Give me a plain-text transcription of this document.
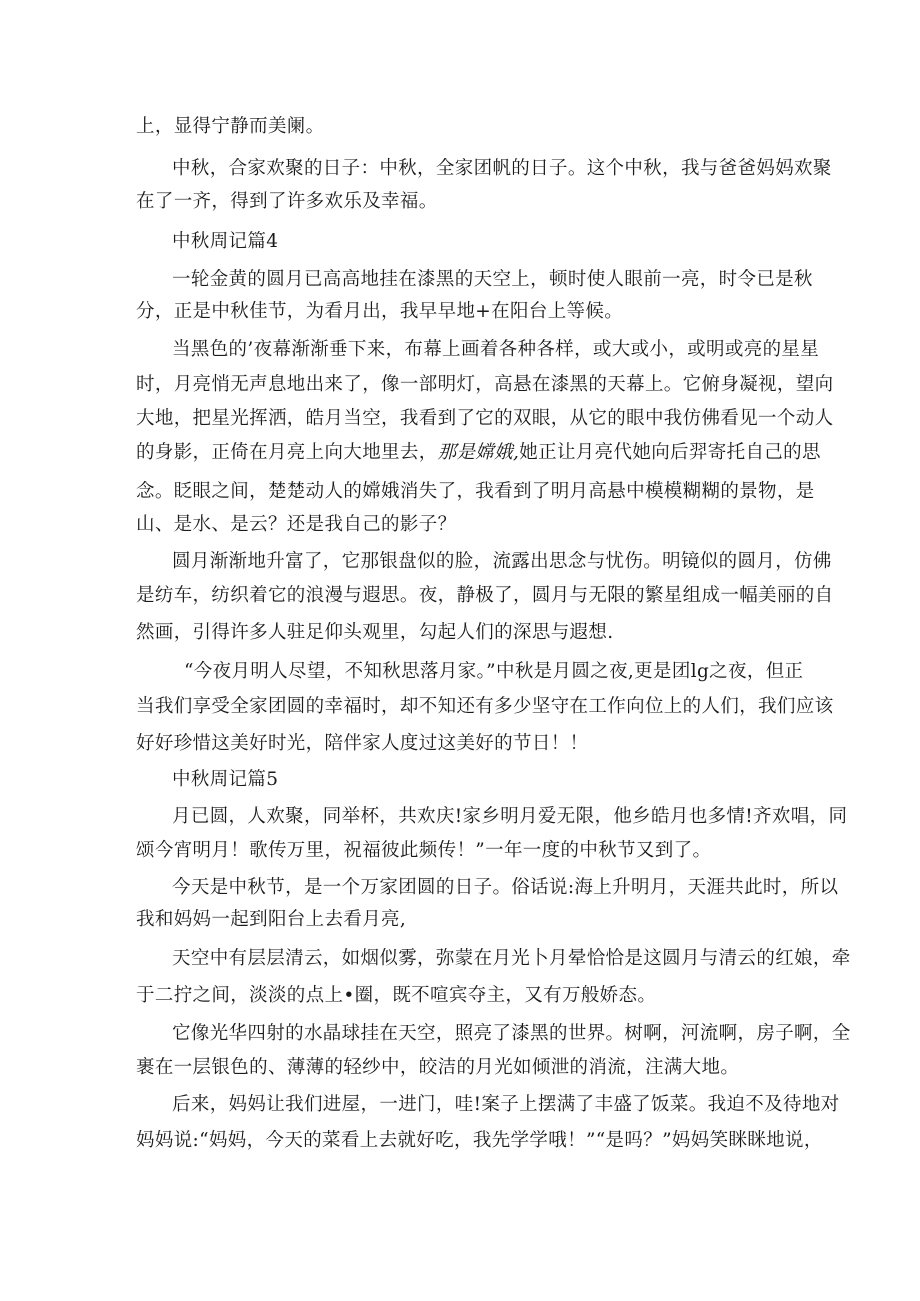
上，显得宁静而美阑。
中秋，合家欢聚的日子：中秋，全家团帆的日子。这个中秋，我与爸爸妈妈欢聚
在了一齐，得到了许多欢乐及幸福。
中秋周记篇4
一轮金黄的圆月已高高地挂在漆黑的天空上，顿时使人眼前一亮，时令已是秋
分，正是中秋佳节，为看月出，我早早地+在阳台上等候。
当黑色的’夜幕渐渐垂下来，布幕上画着各种各样，或大或小，或明或亮的星星
时，月亮悄无声息地出来了，像一部明灯，高悬在漆黑的天幕上。它俯身凝视，望向
大地，把星光挥洒，皓月当空，我看到了它的双眼，从它的眼中我仿佛看见一个动人
的身影，正倚在月亮上向大地里去，那是嫦娥,她正让月亮代她向后羿寄托自己的思
念。眨眼之间，楚楚动人的嫦娥消失了，我看到了明月高悬中模模糊糊的景物，是
山、是水、是云？还是我自己的影子？
圆月渐渐地升富了，它那银盘似的脸，流露出思念与忧伤。明镜似的圆月，仿佛
是纺车，纺织着它的浪漫与遐思。夜，静极了，圆月与无限的繁星组成一幅美丽的自
然画，引得许多人驻足仰头观里，勾起人们的深思与遐想.
“今夜月明人尽望，不知秋思落月家。”中秋是月圆之夜,更是团lg之夜，但正
当我们享受全家团圆的幸福时，却不知还有多少坚守在工作向位上的人们，我们应该
好好珍惜这美好时光，陪伴家人度过这美好的节日！！
中秋周记篇5
月已圆，人欢聚，同举杯，共欢庆!家乡明月爱无限，他乡皓月也多情!齐欢唱，同
颂今宵明月！歌传万里，祝福彼此频传！”一年一度的中秋节又到了。
今天是中秋节，是一个万家团圆的日子。俗话说:海上升明月，天涯共此时，所以
我和妈妈一起到阳台上去看月亮,
天空中有层层清云，如烟似雾，弥蒙在月光卜月晕恰恰是这圆月与清云的红娘，牵
于二拧之间，淡淡的点上•圈，既不喧宾夺主，又有万般娇态。
它像光华四射的水晶球挂在天空，照亮了漆黑的世界。树啊，河流啊，房子啊，全
裹在一层银色的、薄薄的轻纱中，皎洁的月光如倾泄的消流，注满大地。
后来，妈妈让我们进屋，一进门，哇!案子上摆满了丰盛了饭菜。我迫不及待地对
妈妈说:“妈妈，今天的菜看上去就好吃，我先学学哦！”“是吗？”妈妈笑眯眯地说，
